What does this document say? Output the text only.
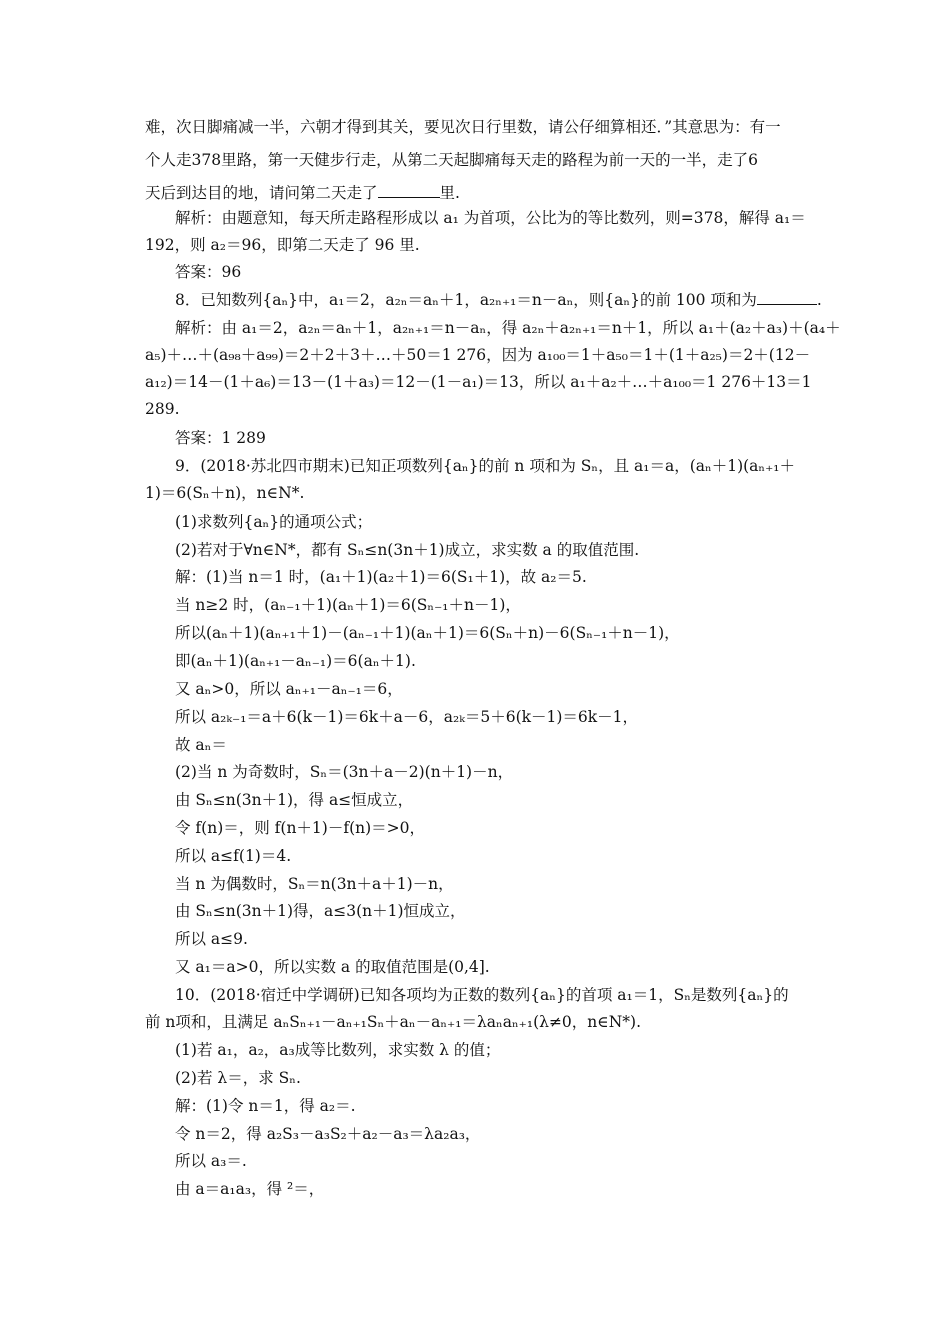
难，次日脚痛减一半，六朝才得到其关，要见次日行里数，请公仔细算相还．”其意思为：有一
个人走378里路，第一天健步行走，从第二天起脚痛每天走的路程为前一天的一半，走了6
天后到达目的地，请问第二天走了	里.
解析：由题意知，每天所走路程形成以 a₁ 为首项，公比为的等比数列，则=378，解得 a₁＝
192，则 a₂＝96，即第二天走了 96 里.
答案：96
8．已知数列{aₙ}中，a₁＝2，a₂ₙ＝aₙ＋1，a₂ₙ₊₁＝n－aₙ，则{aₙ}的前 100 项和为	.
解析：由 a₁＝2，a₂ₙ＝aₙ＋1，a₂ₙ₊₁＝n－aₙ，得 a₂ₙ＋a₂ₙ₊₁＝n＋1，所以 a₁＋(a₂＋a₃)＋(a₄＋
a₅)＋…＋(a₉₈＋a₉₉)＝2＋2＋3＋…＋50＝1 276，因为 a₁₀₀＝1＋a₅₀＝1＋(1＋a₂₅)＝2＋(12－
a₁₂)＝14－(1＋a₆)＝13－(1＋a₃)＝12－(1－a₁)＝13，所以 a₁＋a₂＋…＋a₁₀₀＝1 276＋13＝1
289.
答案：1 289
9．(2018·苏北四市期末)已知正项数列{aₙ}的前 n 项和为 Sₙ，且 a₁＝a，(aₙ＋1)(aₙ₊₁＋
1)＝6(Sₙ＋n)，n∈N*.
(1)求数列{aₙ}的通项公式；
(2)若对于∀n∈N*，都有 Sₙ≤n(3n＋1)成立，求实数 a 的取值范围.
解：(1)当 n＝1 时，(a₁＋1)(a₂＋1)＝6(S₁＋1)，故 a₂＝5.
当 n≥2 时，(aₙ₋₁＋1)(aₙ＋1)＝6(Sₙ₋₁＋n－1)，
所以(aₙ＋1)(aₙ₊₁＋1)－(aₙ₋₁＋1)(aₙ＋1)＝6(Sₙ＋n)－6(Sₙ₋₁＋n－1)，
即(aₙ＋1)(aₙ₊₁－aₙ₋₁)＝6(aₙ＋1).
又 aₙ>0，所以 aₙ₊₁－aₙ₋₁＝6，
所以 a₂ₖ₋₁＝a＋6(k－1)＝6k＋a－6，a₂ₖ＝5＋6(k－1)＝6k－1，
故 aₙ＝
(2)当 n 为奇数时，Sₙ＝(3n＋a－2)(n＋1)－n，
由 Sₙ≤n(3n＋1)，得 a≤恒成立，
令 f(n)＝，则 f(n＋1)－f(n)＝>0，
所以 a≤f(1)＝4.
当 n 为偶数时，Sₙ＝n(3n＋a＋1)－n，
由 Sₙ≤n(3n＋1)得，a≤3(n＋1)恒成立，
所以 a≤9.
又 a₁＝a>0，所以实数 a 的取值范围是(0,4].
10．(2018·宿迁中学调研)已知各项均为正数的数列{aₙ}的首项 a₁＝1，Sₙ是数列{aₙ}的
前 n项和，且满足 aₙSₙ₊₁－aₙ₊₁Sₙ＋aₙ－aₙ₊₁＝λaₙaₙ₊₁(λ≠0，n∈N*).
(1)若 a₁，a₂，a₃成等比数列，求实数 λ 的值；
(2)若 λ＝，求 Sₙ.
解：(1)令 n＝1，得 a₂＝.
令 n＝2，得 a₂S₃－a₃S₂＋a₂－a₃＝λa₂a₃，
所以 a₃＝.
由 a＝a₁a₃，得 ²＝，
